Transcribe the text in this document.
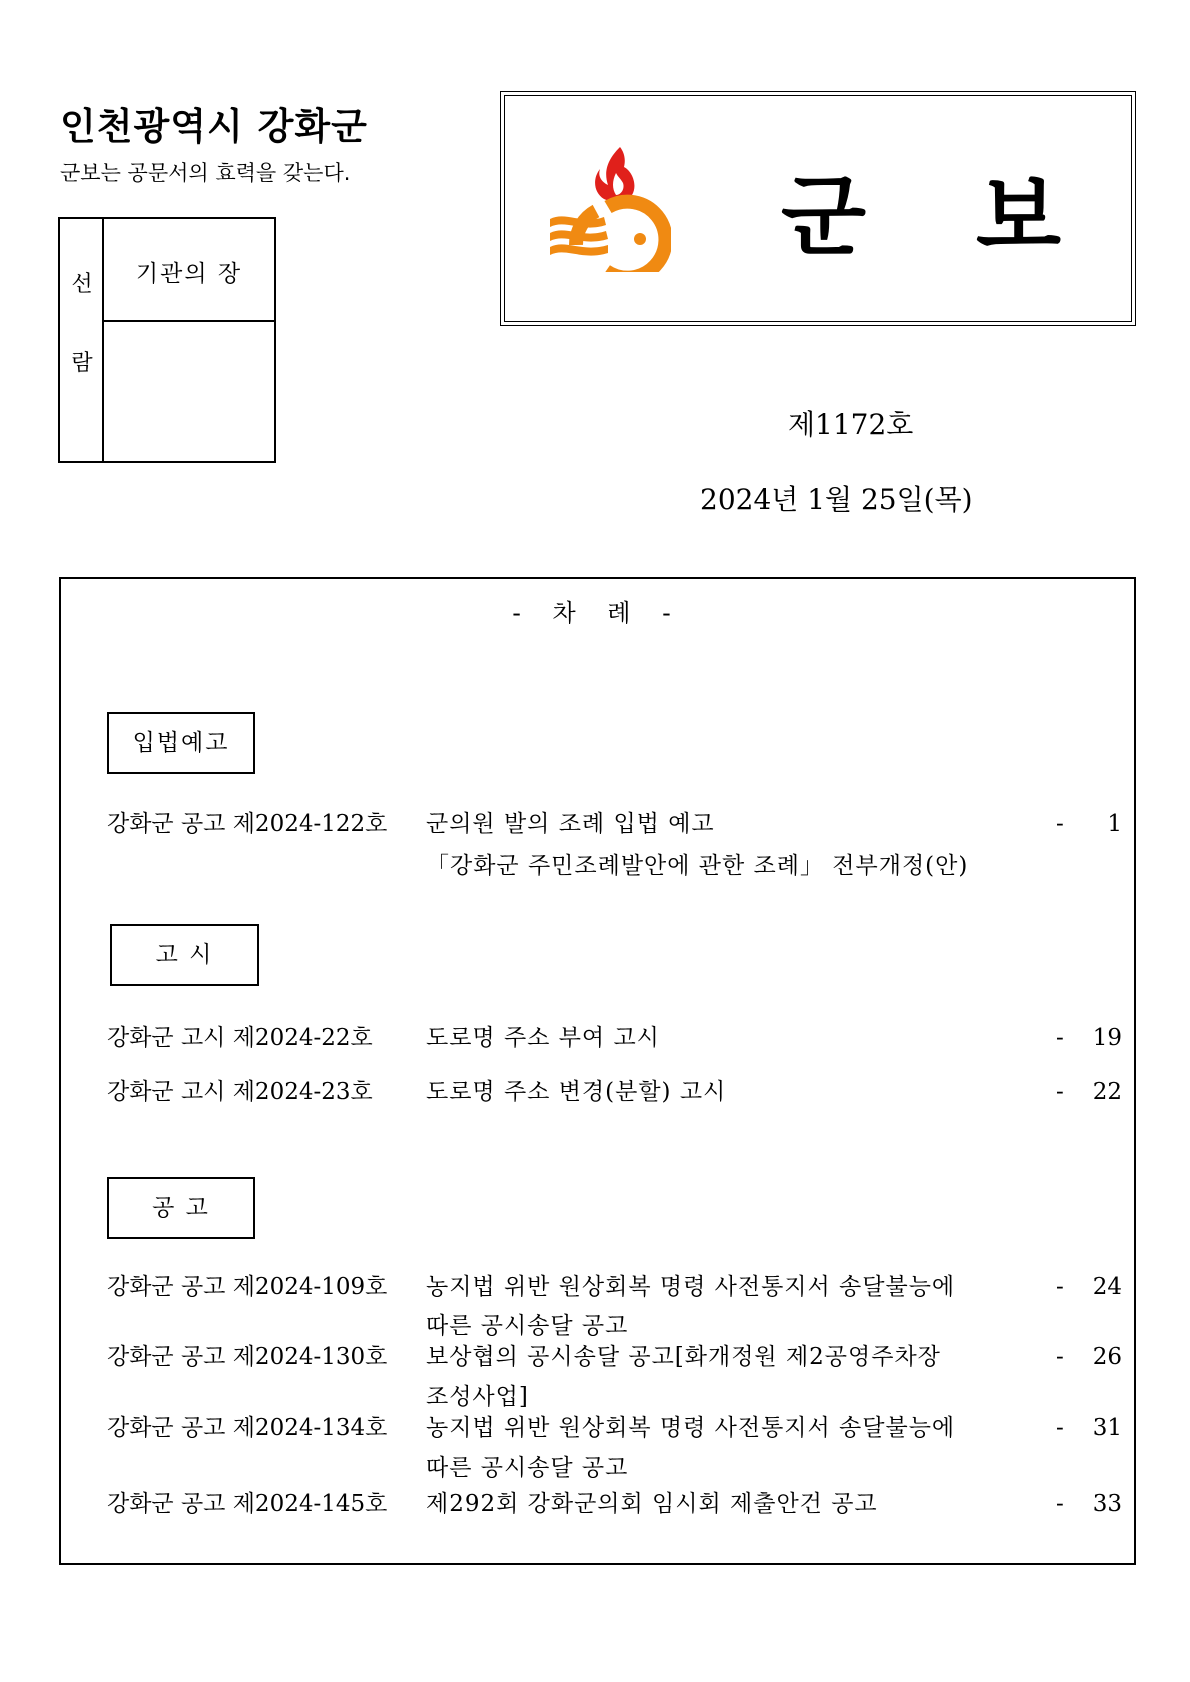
인천광역시 강화군
군보는 공문서의 효력을 갖는다.
선
람
기관의 장
군보
제1172호
2024년 1월 25일(목)
- 차 례 -
입법예고
강화군 공고 제2024-122호 군의원 발의 조례 입법 예고
「강화군 주민조례발안에 관한 조례」 전부개정(안)
- 1
고 시
강화군 고시 제2024-22호 도로명 주소 부여 고시	- 19
강화군 고시 제2024-23호 도로명 주소 변경(분할) 고시	- 22
공 고
강화군 공고 제2024-109호 농지법 위반 원상회복 명령 사전통지서 송달불능에
따른 공시송달 공고
- 24
강화군 공고 제2024-130호 보상협의 공시송달 공고[화개정원 제2공영주차장
조성사업]
- 26
강화군 공고 제2024-134호 농지법 위반 원상회복 명령 사전통지서 송달불능에
따른 공시송달 공고
- 31
강화군 공고 제2024-145호 제292회 강화군의회 임시회 제출안건 공고	- 33
